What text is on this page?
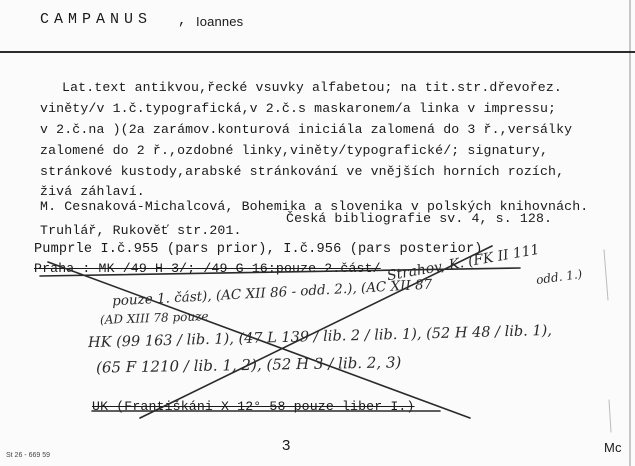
CAMPANUS , Ioannes
Lat.text antikvou,řecké vsuvky alfabetou; na tit.str.dřevořez.
viněty/v 1.č.typografická,v 2.č.s maskaronem/a linka v impressu;
v 2.č.na )(2a zarámov.konturová iniciála zalomená do 3 ř.,versálky
zalomené do 2 ř.,ozdobné linky,viněty/typografické/; signatury,
stránkové kustody,arabské stránkování ve vnějších horních rozích,
živá záhlaví.
M. Cesnaková-Michalcová, Bohemika a slovenika v polských knihovnách.
Česká bibliografie sv. 4, s. 128.
Truhlář, Rukověť str.201.
Pumprle I.č.955 (pars prior), I.č.956 (pars posterior)
Praha : MK /49 H 3/; /49 G 16:pouze 2.část/
UK (Františkáni X 12° 58 pouze liber I.)
Strahov, K. (FK II 111
odd. 1.)
pouze 1. část), (AC XII 86 - odd. 2.), (AC XII 87
(AD XIII 78 pouze
HK (99 163 / lib. 1), (47 L 139 / lib. 2 / lib. 1), (52 H 48 / lib. 1),
(65 F 1210 / lib. 1, 2), (52 H 3 / lib. 2, 3)
St 26 - 669 59
3	Mc
